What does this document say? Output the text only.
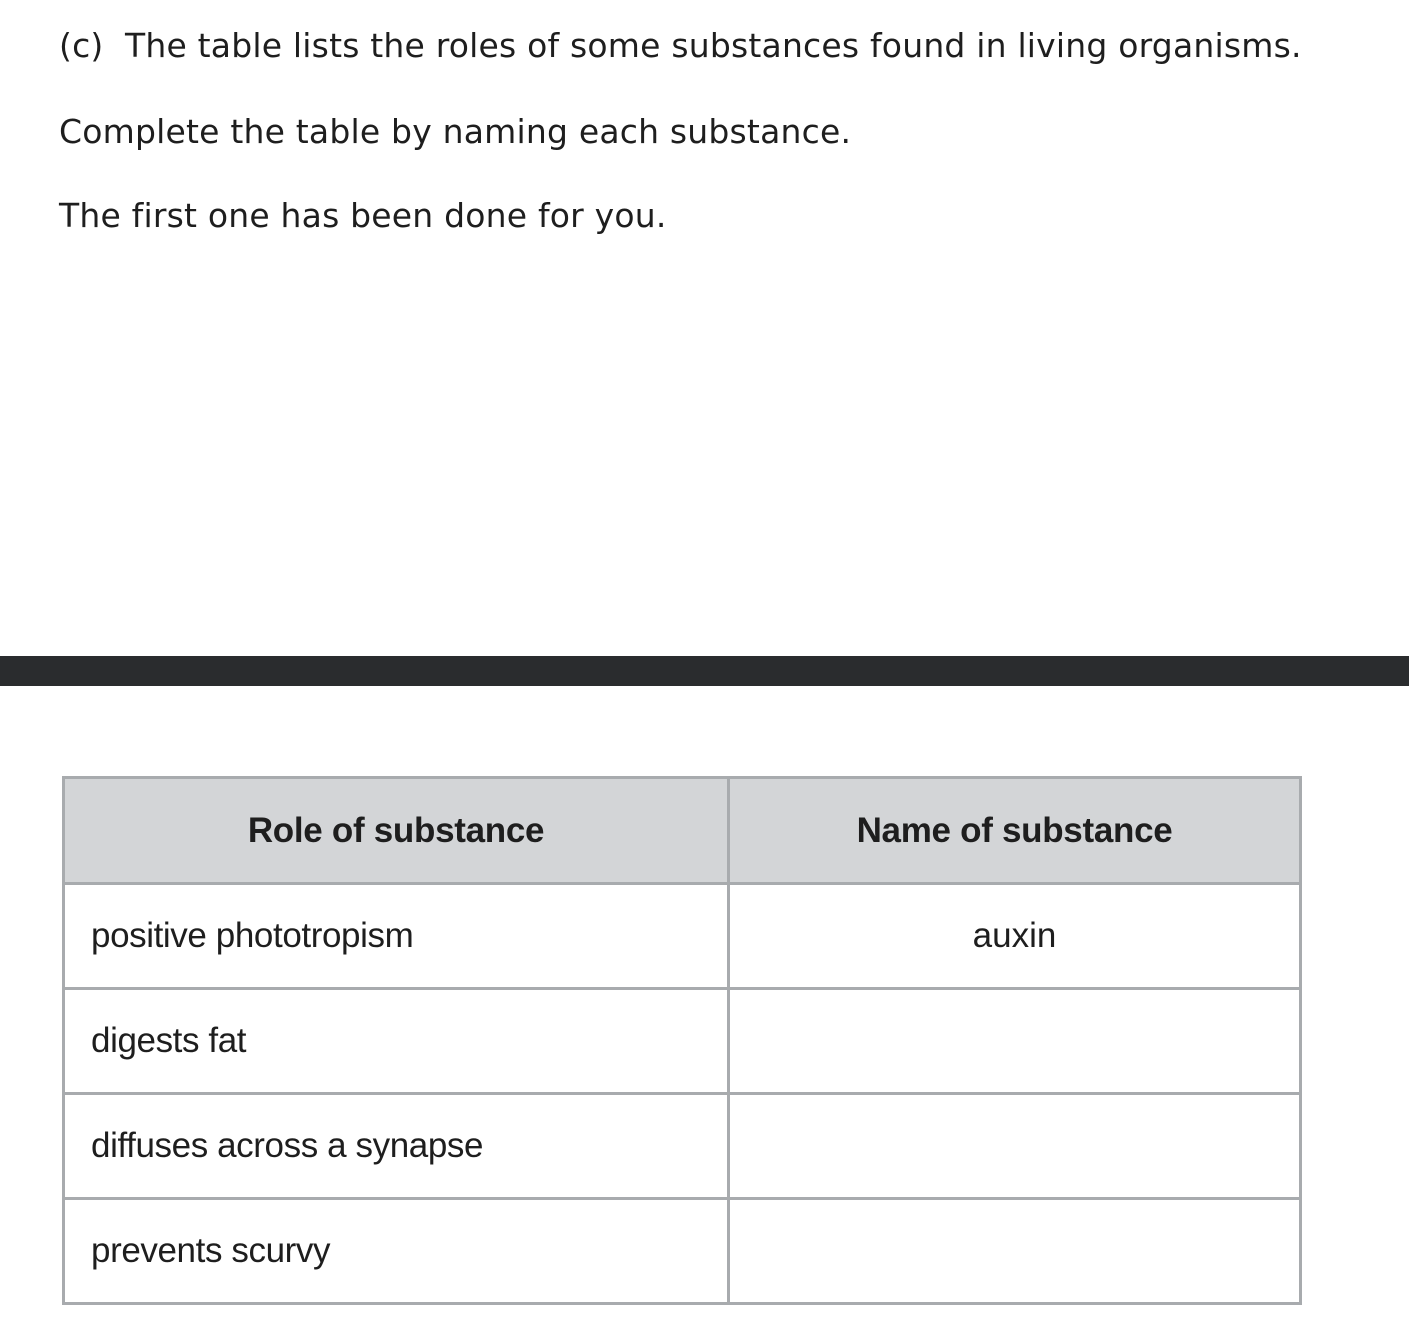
(c) The table lists the roles of some substances found in living organisms.

Complete the table by naming each substance.

The first one has been done for you.

Role of substance	Name of substance
positive phototropism	auxin
digests fat	
diffuses across a synapse	
prevents scurvy	
